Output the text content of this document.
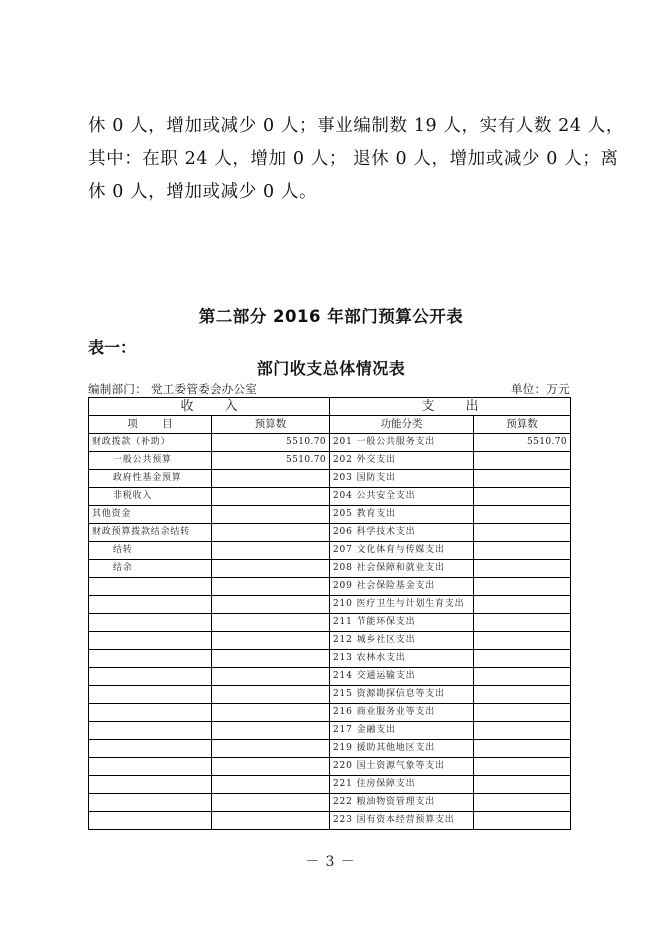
休 0 人，增加或减少 0 人；事业编制数 19 人，实有人数 24 人，
其中：在职 24 人，增加 0 人； 退休 0 人，增加或减少 0 人；离
休 0 人，增加或减少 0 人。
第二部分 2016 年部门预算公开表
表一：
部门收支总体情况表
编制部门： 党工委管委会办公室	单位：万元
收　入		支　出	
项　目	预算数	功能分类	预算数
财政拨款（补助）	5510.70	201 一般公共服务支出	5510.70
一般公共预算	5510.70	202 外交支出	
政府性基金预算		203 国防支出	
非税收入		204 公共安全支出	
其他资金		205 教育支出	
财政预算拨款结余结转		206 科学技术支出	
结转		207 文化体育与传媒支出	
结余		208 社会保障和就业支出	
		209 社会保险基金支出	
		210 医疗卫生与计划生育支出	
		211 节能环保支出	
		212 城乡社区支出	
		213 农林水支出	
		214 交通运输支出	
		215 资源勘探信息等支出	
		216 商业服务业等支出	
		217 金融支出	
		219 援助其他地区支出	
		220 国土资源气象等支出	
		221 住房保障支出	
		222 粮油物资管理支出	
		223 国有资本经营预算支出	
－ 3 －
